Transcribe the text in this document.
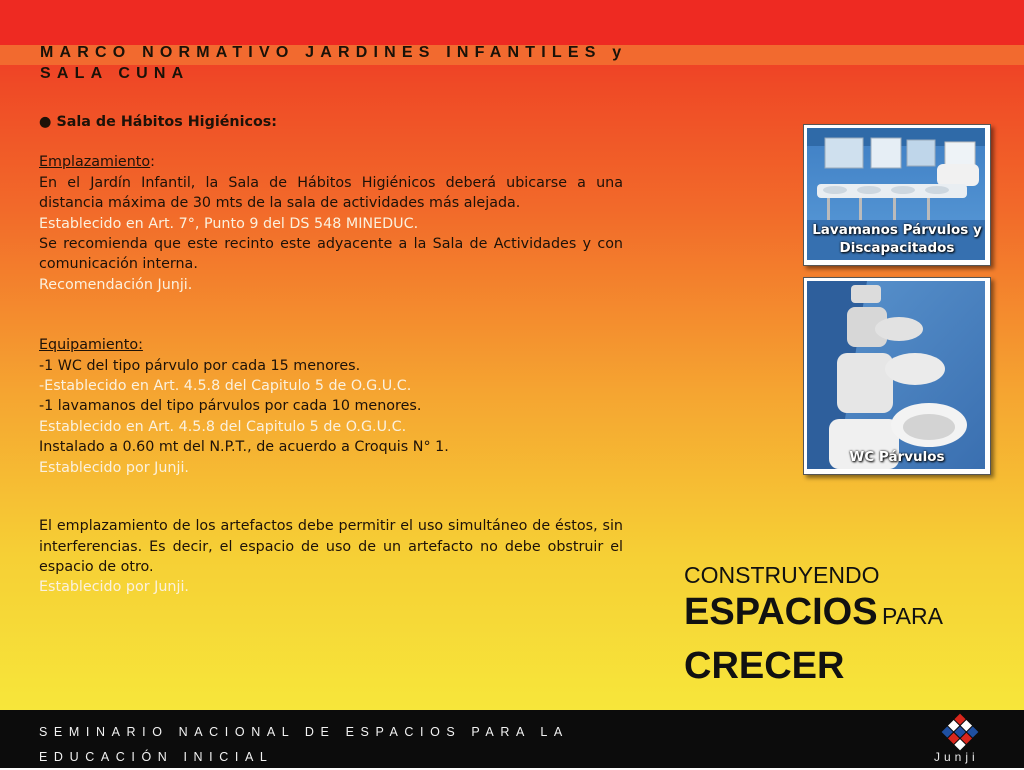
MARCO NORMATIVO JARDINES INFANTILES y SALA CUNA

● Sala de Hábitos Higiénicos:

Emplazamiento:

En el Jardín Infantil, la Sala de Hábitos Higiénicos deberá ubicarse a una distancia máxima de 30 mts de la sala de actividades más alejada.

Establecido en Art. 7°, Punto 9 del DS 548 MINEDUC.

Se recomienda que este recinto este adyacente a la Sala de Actividades y con comunicación interna.

Recomendación Junji.

Equipamiento:

-1 WC del tipo párvulo por cada 15 menores.

-Establecido en Art. 4.5.8 del Capitulo 5 de O.G.U.C.

-1 lavamanos del tipo párvulos por cada 10 menores.

Establecido en Art. 4.5.8 del Capitulo 5 de O.G.U.C.

Instalado a 0.60 mt del N.P.T., de acuerdo a Croquis N° 1.

Establecido por Junji.

El emplazamiento de los artefactos debe permitir el uso simultáneo de éstos, sin interferencias. Es decir, el espacio de uso de un artefacto no debe obstruir el espacio de otro.

Establecido por Junji.

Lavamanos Párvulos y Discapacitados
WC Párvulos
CONSTRUYENDO
ESPACIOS PARA
CRECER
SEMINARIO NACIONAL DE ESPACIOS PARA LA EDUCACIÓN INICIAL	Junji
